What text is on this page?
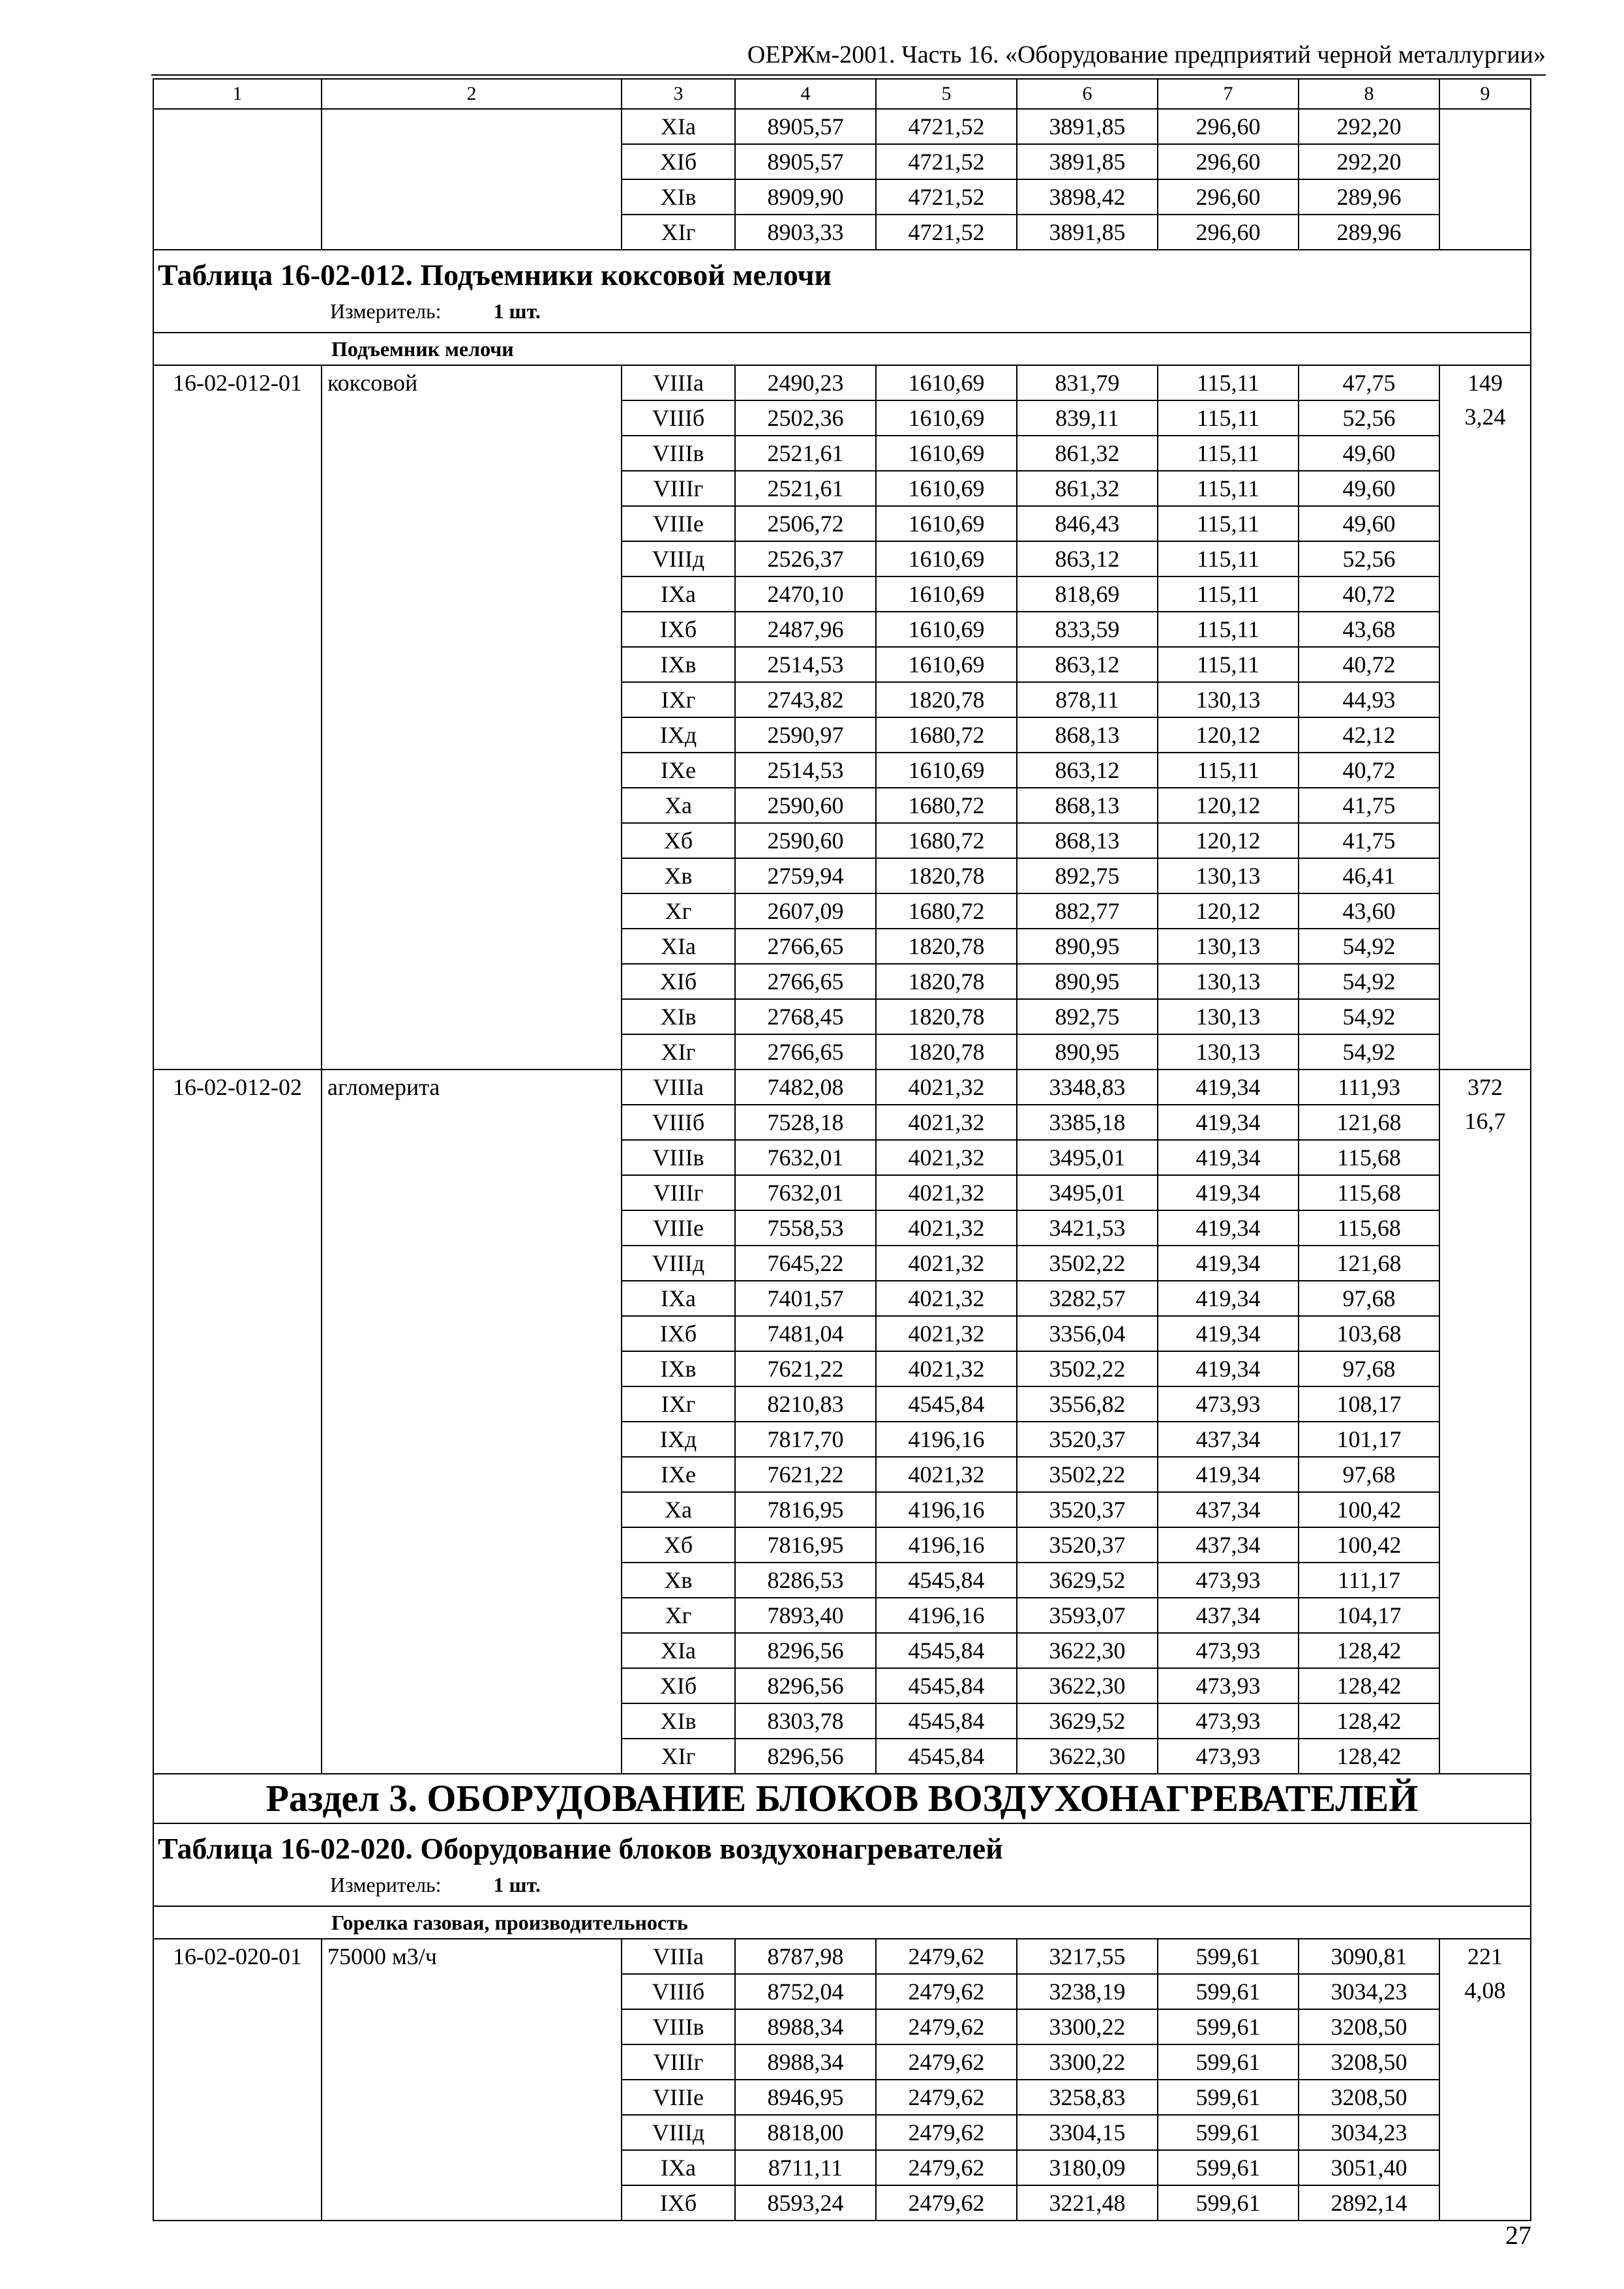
ОЕРЖм-2001. Часть 16. «Оборудование предприятий черной металлургии»
1	2	3	4	5	6	7	8	9
		XIа	8905,57	4721,52	3891,85	296,60	292,20	
		XIб	8905,57	4721,52	3891,85	296,60	292,20	
		XIв	8909,90	4721,52	3898,42	296,60	289,96	
		XIг	8903,33	4721,52	3891,85	296,60	289,96	

Таблица 16-02-012. Подъемники коксовой мелочи
Измеритель: 1 шт.								

Подъемник мелочи								
16-02-012-01	коксовой	VIIIа	2490,23	1610,69	831,79	115,11	47,75	149
3,24

		VIIIб	2502,36	1610,69	839,11	115,11	52,56	
		VIIIв	2521,61	1610,69	861,32	115,11	49,60	
		VIIIг	2521,61	1610,69	861,32	115,11	49,60	
		VIIIе	2506,72	1610,69	846,43	115,11	49,60	
		VIIIд	2526,37	1610,69	863,12	115,11	52,56	
		IXа	2470,10	1610,69	818,69	115,11	40,72	
		IXб	2487,96	1610,69	833,59	115,11	43,68	
		IXв	2514,53	1610,69	863,12	115,11	40,72	
		IXг	2743,82	1820,78	878,11	130,13	44,93	
		IXд	2590,97	1680,72	868,13	120,12	42,12	
		IXе	2514,53	1610,69	863,12	115,11	40,72	
		Xа	2590,60	1680,72	868,13	120,12	41,75	
		Xб	2590,60	1680,72	868,13	120,12	41,75	
		Xв	2759,94	1820,78	892,75	130,13	46,41	
		Xг	2607,09	1680,72	882,77	120,12	43,60	
		XIа	2766,65	1820,78	890,95	130,13	54,92	
		XIб	2766,65	1820,78	890,95	130,13	54,92	
		XIв	2768,45	1820,78	892,75	130,13	54,92	
		XIг	2766,65	1820,78	890,95	130,13	54,92	
16-02-012-02	агломерита	VIIIа	7482,08	4021,32	3348,83	419,34	111,93	372
16,7

		VIIIб	7528,18	4021,32	3385,18	419,34	121,68	
		VIIIв	7632,01	4021,32	3495,01	419,34	115,68	
		VIIIг	7632,01	4021,32	3495,01	419,34	115,68	
		VIIIе	7558,53	4021,32	3421,53	419,34	115,68	
		VIIIд	7645,22	4021,32	3502,22	419,34	121,68	
		IXа	7401,57	4021,32	3282,57	419,34	97,68	
		IXб	7481,04	4021,32	3356,04	419,34	103,68	
		IXв	7621,22	4021,32	3502,22	419,34	97,68	
		IXг	8210,83	4545,84	3556,82	473,93	108,17	
		IXд	7817,70	4196,16	3520,37	437,34	101,17	
		IXе	7621,22	4021,32	3502,22	419,34	97,68	
		Xа	7816,95	4196,16	3520,37	437,34	100,42	
		Xб	7816,95	4196,16	3520,37	437,34	100,42	
		Xв	8286,53	4545,84	3629,52	473,93	111,17	
		Xг	7893,40	4196,16	3593,07	437,34	104,17	
		XIа	8296,56	4545,84	3622,30	473,93	128,42	
		XIб	8296,56	4545,84	3622,30	473,93	128,42	
		XIв	8303,78	4545,84	3629,52	473,93	128,42	
		XIг	8296,56	4545,84	3622,30	473,93	128,42	
Раздел 3. ОБОРУДОВАНИЕ БЛОКОВ ВОЗДУХОНАГРЕВАТЕЛЕЙ								

Таблица 16-02-020. Оборудование блоков воздухонагревателей
Измеритель: 1 шт.								

Горелка газовая, производительность								
16-02-020-01	75000 м3/ч	VIIIа	8787,98	2479,62	3217,55	599,61	3090,81	221
4,08

		VIIIб	8752,04	2479,62	3238,19	599,61	3034,23	
		VIIIв	8988,34	2479,62	3300,22	599,61	3208,50	
		VIIIг	8988,34	2479,62	3300,22	599,61	3208,50	
		VIIIе	8946,95	2479,62	3258,83	599,61	3208,50	
		VIIIд	8818,00	2479,62	3304,15	599,61	3034,23	
		IXа	8711,11	2479,62	3180,09	599,61	3051,40	
		IXб	8593,24	2479,62	3221,48	599,61	2892,14	
27
